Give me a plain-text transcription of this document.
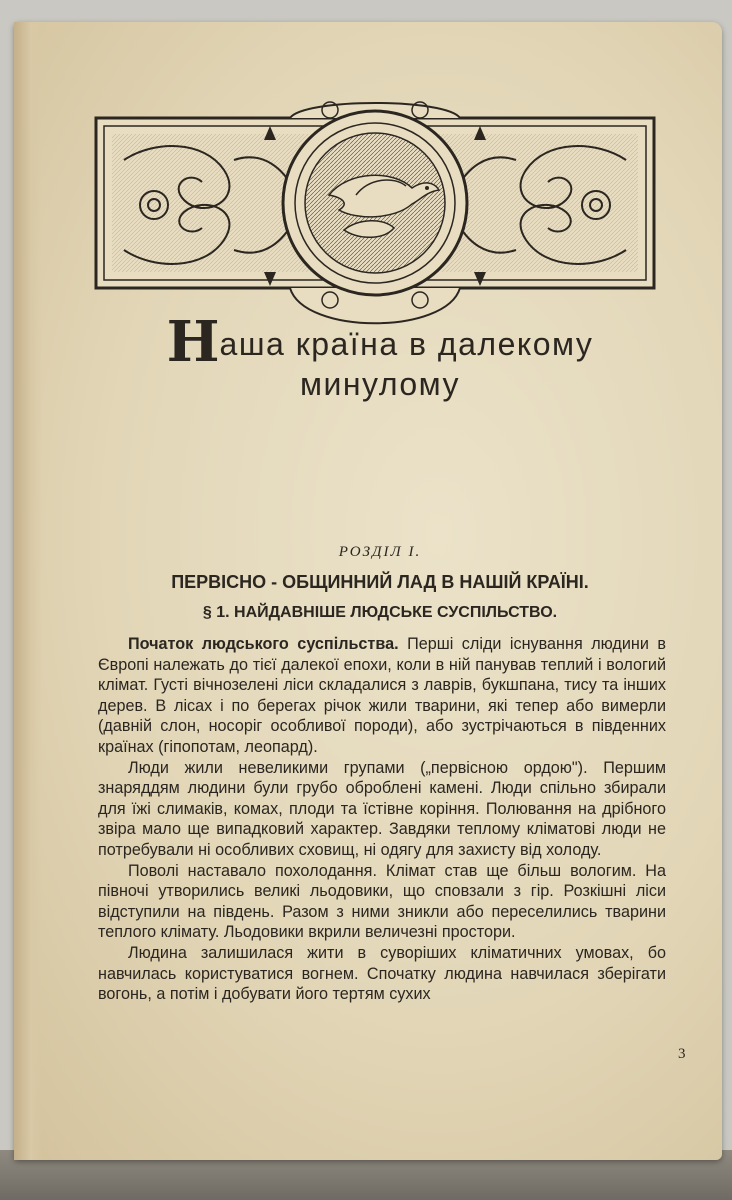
Наша країна в далекому
минулому
РОЗДІЛ I.
ПЕРВІСНО - ОБЩИННИЙ ЛАД В НАШІЙ КРАЇНІ.
§ 1. НАЙДАВНІШЕ ЛЮДСЬКЕ СУСПІЛЬСТВО.

Початок людського суспільства. Перші сліди існування людини в Європі належать до тієї далекої епохи, коли в ній панував теплий і вологий клімат. Густі вічнозелені ліси складалися з лаврів, букшпана, тису та інших дерев. В лісах і по берегах річок жили тварини, які тепер або вимерли (давній слон, носоріг особливої породи), або зустрічаються в південних країнах (гіпопотам, леопард).

Люди жили невеликими групами („первісною ордою"). Першим знаряддям людини були грубо оброблені камені. Люди спільно збирали для їжі слимаків, комах, плоди та їстівне коріння. Полювання на дрібного звіра мало ще випадковий характер. Завдяки теплому кліматові люди не потребували ні особливих сховищ, ні одягу для захисту від холоду.

Поволі наставало похолодання. Клімат став ще більш вологим. На півночі утворились великі льодовики, що сповзали з гір. Розкішні ліси відступили на південь. Разом з ними зникли або переселились тварини теплого клімату. Льодовики вкрили величезні простори.

Людина залишилася жити в суворіших кліматичних умовах, бо навчилась користуватися вогнем. Спочатку людина навчилася зберігати вогонь, а потім і добувати його тертям сухих

3
